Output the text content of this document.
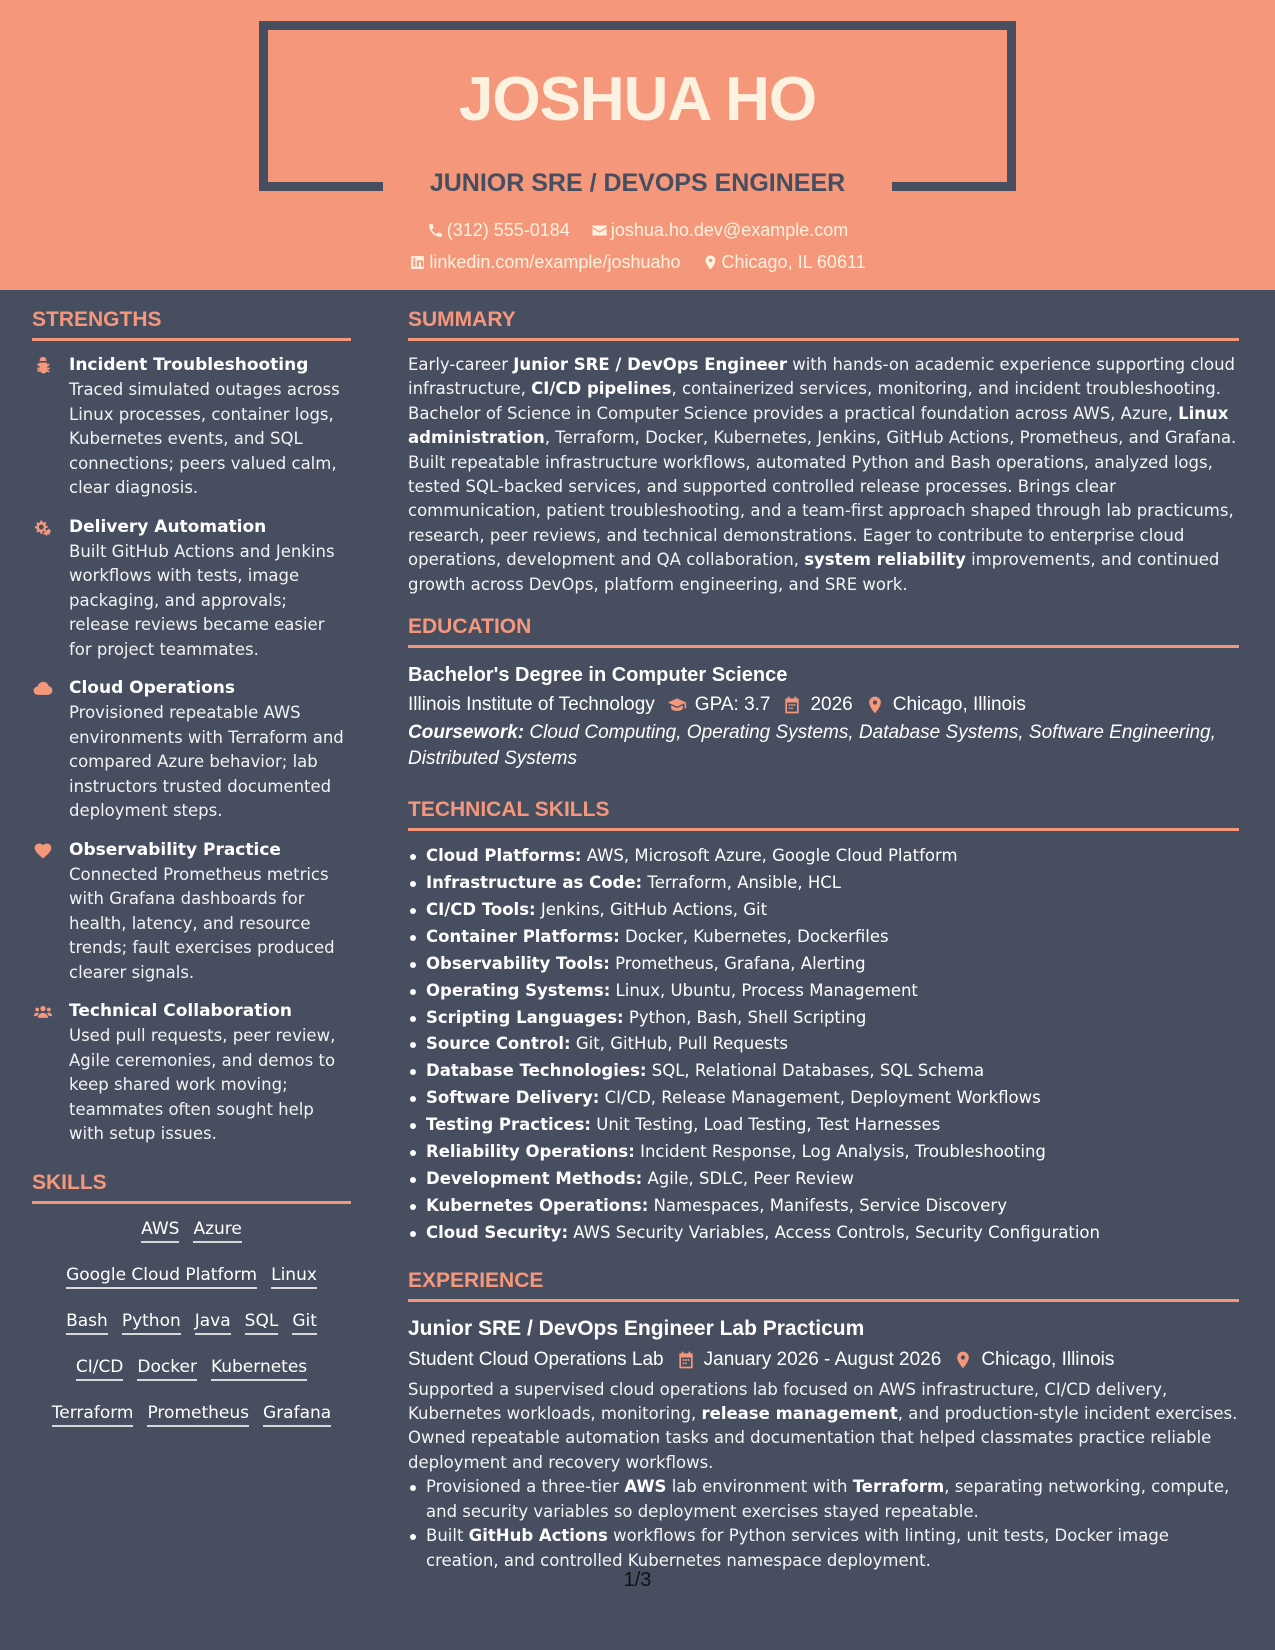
JOSHUA HO
JUNIOR SRE / DEVOPS ENGINEER
(312) 555-0184
joshua.ho.dev@example.com
linkedin.com/example/joshuaho
Chicago, IL 60611
STRENGTHS
Incident Troubleshooting
Traced simulated outages across Linux processes, container logs, Kubernetes events, and SQL connections; peers valued calm, clear diagnosis.
Delivery Automation
Built GitHub Actions and Jenkins workflows with tests, image packaging, and approvals; release reviews became easier for project teammates.
Cloud Operations
Provisioned repeatable AWS environments with Terraform and compared Azure behavior; lab instructors trusted documented deployment steps.
Observability Practice
Connected Prometheus metrics with Grafana dashboards for health, latency, and resource trends; fault exercises produced clearer signals.
Technical Collaboration
Used pull requests, peer review, Agile ceremonies, and demos to keep shared work moving; teammates often sought help with setup issues.
SKILLS
AWS Azure
Google Cloud Platform Linux
Bash Python Java SQL Git
CI/CD Docker Kubernetes
Terraform Prometheus Grafana
SUMMARY

Early-career Junior SRE / DevOps Engineer with hands-on academic experience supporting cloud infrastructure, CI/CD pipelines, containerized services, monitoring, and incident troubleshooting. Bachelor of Science in Computer Science provides a practical foundation across AWS, Azure, Linux administration, Terraform, Docker, Kubernetes, Jenkins, GitHub Actions, Prometheus, and Grafana. Built repeatable infrastructure workflows, automated Python and Bash operations, analyzed logs, tested SQL-backed services, and supported controlled release processes. Brings clear communication, patient troubleshooting, and a team-first approach shaped through lab practicums, research, peer reviews, and technical demonstrations. Eager to contribute to enterprise cloud operations, development and QA collaboration, system reliability improvements, and continued growth across DevOps, platform engineering, and SRE work.

EDUCATION
Bachelor's Degree in Computer Science
Illinois Institute of Technology GPA: 3.7 2026 Chicago, Illinois
Coursework: Cloud Computing, Operating Systems, Database Systems, Software Engineering, Distributed Systems
TECHNICAL SKILLS
Cloud Platforms: AWS, Microsoft Azure, Google Cloud Platform
Infrastructure as Code: Terraform, Ansible, HCL
CI/CD Tools: Jenkins, GitHub Actions, Git
Container Platforms: Docker, Kubernetes, Dockerfiles
Observability Tools: Prometheus, Grafana, Alerting
Operating Systems: Linux, Ubuntu, Process Management
Scripting Languages: Python, Bash, Shell Scripting
Source Control: Git, GitHub, Pull Requests
Database Technologies: SQL, Relational Databases, SQL Schema
Software Delivery: CI/CD, Release Management, Deployment Workflows
Testing Practices: Unit Testing, Load Testing, Test Harnesses
Reliability Operations: Incident Response, Log Analysis, Troubleshooting
Development Methods: Agile, SDLC, Peer Review
Kubernetes Operations: Namespaces, Manifests, Service Discovery
Cloud Security: AWS Security Variables, Access Controls, Security Configuration
EXPERIENCE
Junior SRE / DevOps Engineer Lab Practicum
Student Cloud Operations Lab January 2026 - August 2026 Chicago, Illinois

Supported a supervised cloud operations lab focused on AWS infrastructure, CI/CD delivery, Kubernetes workloads, monitoring, release management, and production-style incident exercises. Owned repeatable automation tasks and documentation that helped classmates practice reliable deployment and recovery workflows.

Provisioned a three-tier AWS lab environment with Terraform, separating networking, compute, and security variables so deployment exercises stayed repeatable.
Built GitHub Actions workflows for Python services with linting, unit tests, Docker image creation, and controlled Kubernetes namespace deployment.
1/3
